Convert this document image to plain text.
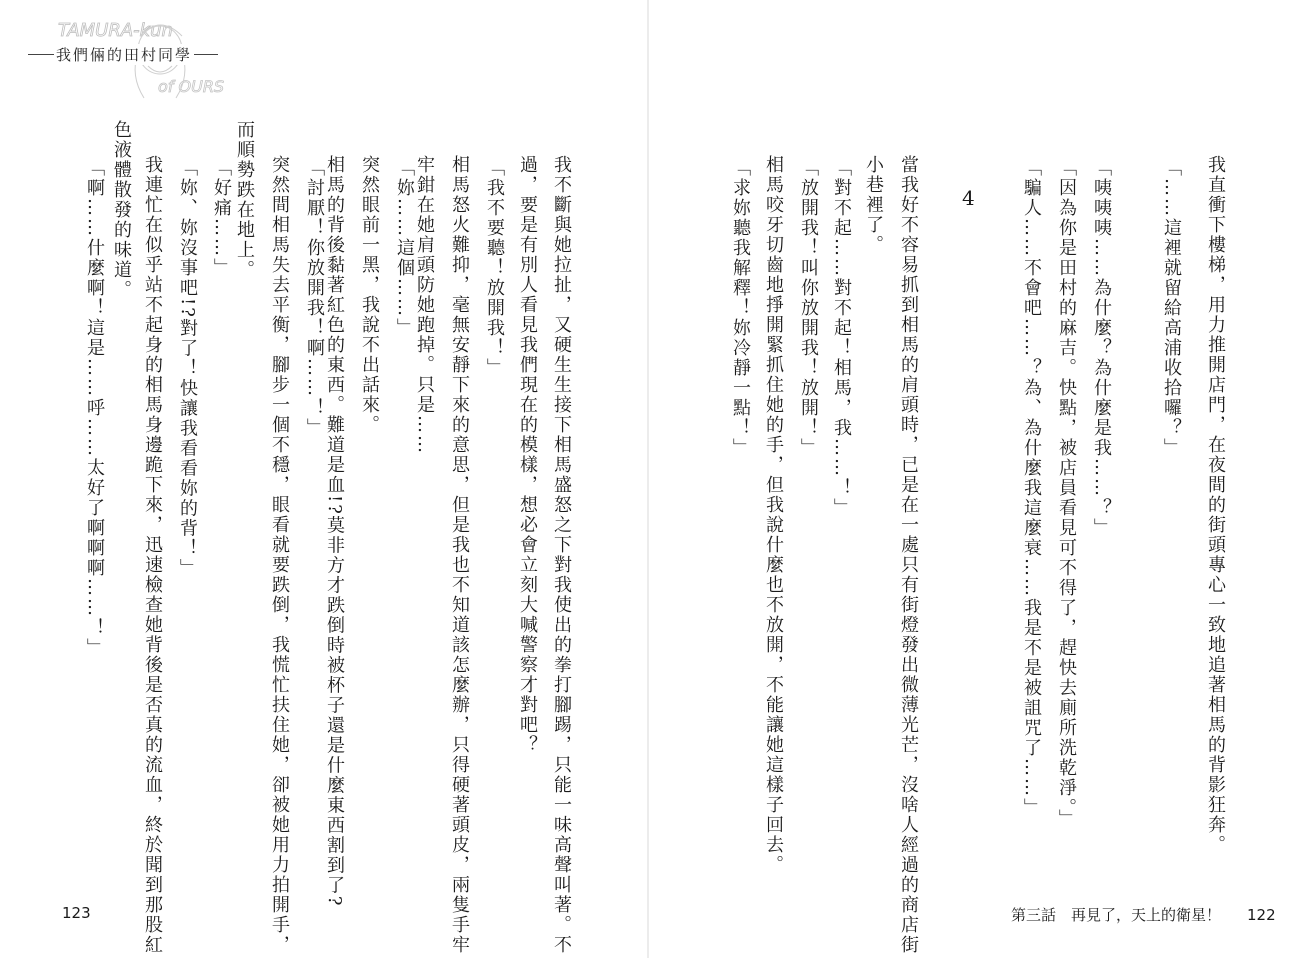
TAMURA-kun
of OURS
我們倆的田村同學
我直衝下樓梯，用力推開店門，在夜間的街頭專心一致地追著相馬的背影狂奔。
「……這裡就留給高浦收拾囉？」
「咦咦咦……為什麼？為什麼是我……？」
「因為你是田村的麻吉。快點，被店員看見可不得了，趕快去廁所洗乾淨。」
「騙人……不會吧……？為、為什麼我這麼衰……我是不是被詛咒了……」
當我好不容易抓到相馬的肩頭時，已是在一處只有街燈發出微薄光芒，沒啥人經過的商店街
小巷裡了。
「對不起……對不起！相馬，我……！」
「放開我！叫你放開我！放開！」
相馬咬牙切齒地掙開緊抓住她的手，但我說什麼也不放開，不能讓她這樣子回去。
「求妳聽我解釋！妳冷靜一點！」	4
我不斷與她拉扯，又硬生生接下相馬盛怒之下對我使出的拳打腳踢，只能一味高聲叫著。不
過，要是有別人看見我們現在的模樣，想必會立刻大喊警察才對吧？
「我不要聽！放開我！」
相馬怒火難抑，毫無安靜下來的意思，但是我也不知道該怎麼辦，只得硬著頭皮，兩隻手牢
牢鉗在她肩頭防她跑掉。只是……
「妳……這個……」
突然眼前一黑，我說不出話來。
相馬的背後黏著紅色的東西。難道是血!?莫非方才跌倒時被杯子還是什麼東西割到了?
「討厭！你放開我！啊……！」
突然間相馬失去平衡，腳步一個不穩，眼看就要跌倒，我慌忙扶住她，卻被她用力拍開手，
而順勢跌在地上。
「好痛……」
「妳、妳沒事吧!?對了！快讓我看看妳的背！」
我連忙在似乎站不起身的相馬身邊跪下來，迅速檢查她背後是否真的流血，終於聞到那股紅
色液體散發的味道。
「啊……什麼啊！這是……呼……太好了啊啊啊……！」
123	第三話　再見了，天上的衛星！ 122
